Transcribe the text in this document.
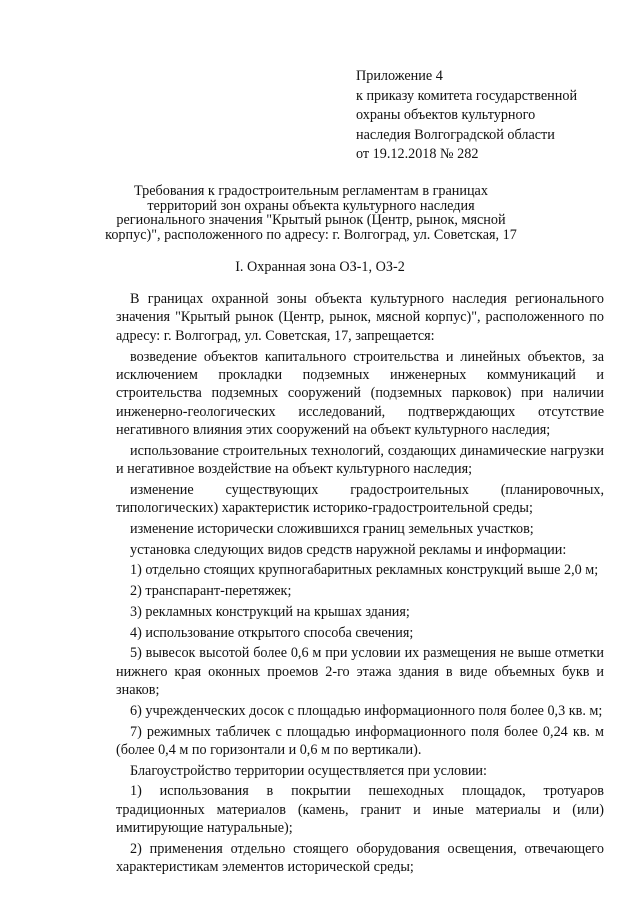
Приложение 4
к приказу комитета государственной
охраны объектов культурного
наследия Волгоградской области
от 19.12.2018 № 282
Требования к градостроительным регламентам в границах территорий зон охраны объекта культурного наследия регионального значения "Крытый рынок (Центр, рынок, мясной корпус)", расположенного по адресу: г. Волгоград, ул. Советская, 17
I. Охранная зона ОЗ-1, ОЗ-2

В границах охранной зоны объекта культурного наследия регионального значения "Крытый рынок (Центр, рынок, мясной корпус)", расположенного по адресу: г. Волгоград, ул. Советская, 17, запрещается:

возведение объектов капитального строительства и линейных объектов, за исключением прокладки подземных инженерных коммуникаций и строительства подземных сооружений (подземных парковок) при наличии инженерно-геологических исследований, подтверждающих отсутствие негативного влияния этих сооружений на объект культурного наследия;

использование строительных технологий, создающих динамические нагрузки и негативное воздействие на объект культурного наследия;

изменение существующих градостроительных (планировочных, типологических) характеристик историко-градостроительной среды;

изменение исторически сложившихся границ земельных участков;

установка следующих видов средств наружной рекламы и информации:

1) отдельно стоящих крупногабаритных рекламных конструкций выше 2,0 м;

2) транспарант-перетяжек;

3) рекламных конструкций на крышах здания;

4) использование открытого способа свечения;

5) вывесок высотой более 0,6 м при условии их размещения не выше отметки нижнего края оконных проемов 2-го этажа здания в виде объемных букв и знаков;

6) учрежденческих досок с площадью информационного поля более 0,3 кв. м;

7) режимных табличек с площадью информационного поля более 0,24 кв. м (более 0,4 м по горизонтали и 0,6 м по вертикали).

Благоустройство территории осуществляется при условии:

1) использования в покрытии пешеходных площадок, тротуаров традиционных материалов (камень, гранит и иные материалы и (или) имитирующие натуральные);

2) применения отдельно стоящего оборудования освещения, отвечающего характеристикам элементов исторической среды;
